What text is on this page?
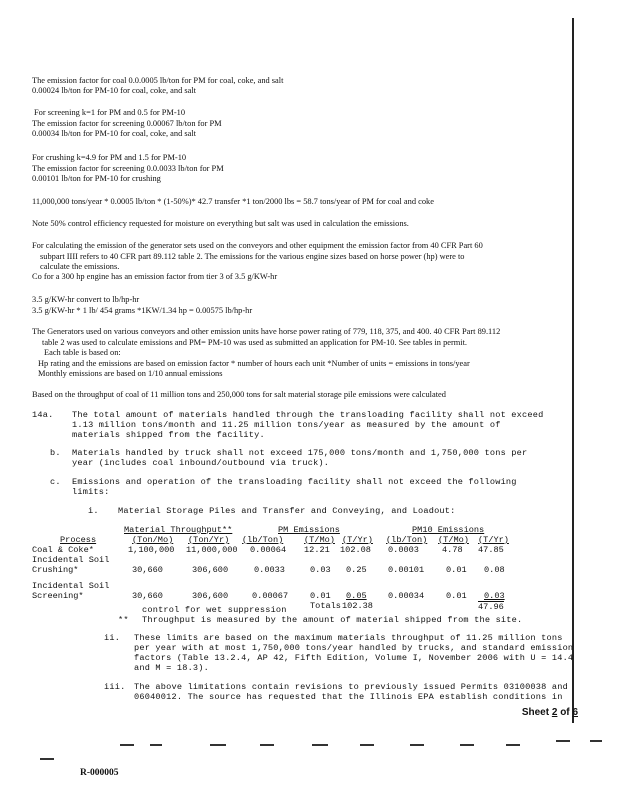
The emission factor for coal 0.0.0005 lb/ton for PM for coal, coke, and salt
0.00024 lb/ton for PM-10 for coal, coke, and salt
For screening k=1 for PM and 0.5 for PM-10
The emission factor for screening 0.00067 lb/ton for PM
0.00034 lb/ton for PM-10 for coal, coke, and salt
For crushing k=4.9 for PM and 1.5 for PM-10
The emission factor for screening 0.0.0033 lb/ton for PM
0.00101 lb/ton for PM-10 for crushing
11,000,000 tons/year * 0.0005 lb/ton * (1-50%)* 42.7 transfer *1 ton/2000 lbs = 58.7 tons/year of PM for coal and coke
Note 50% control efficiency requested for moisture on everything but salt was used in calculation the emissions.
For calculating the emission of the generator sets used on the conveyors and other equipment the emission factor from 40 CFR Part 60
subpart IIII refers to 40 CFR part 89.112 table 2. The emissions for the various engine sizes based on horse power (hp) were to
calculate the emissions.
Co for a 300 hp engine has an emission factor from tier 3 of 3.5 g/KW-hr
3.5 g/KW-hr convert to lb/hp-hr
3.5 g/KW-hr * 1 lb/ 454 grams *1KW/1.34 hp = 0.00575 lb/hp-hr
The Generators used on various conveyors and other emission units have horse power rating of 779, 118, 375, and 400. 40 CFR Part 89.112
table 2 was used to calculate emissions and PM= PM-10 was used as submitted an application for PM-10. See tables in permit.
Each table is based on:
Hp rating and the emissions are based on emission factor * number of hours each unit *Number of units = emissions in tons/year
Monthly emissions are based on 1/10 annual emissions
Based on the throughput of coal of 11 million tons and 250,000 tons for salt material storage pile emissions were calculated
14a. The total amount of materials handled through the transloading facility shall not exceed
1.13 million tons/month and 11.25 million tons/year as measured by the amount of
materials shipped from the facility.
b. Materials handled by truck shall not exceed 175,000 tons/month and 1,750,000 tons per
year (includes coal inbound/outbound via truck).
c. Emissions and operation of the transloading facility shall not exceed the following
limits:
i. Material Storage Piles and Transfer and Conveying, and Loadout:
Material Throughput**	PM Emissions	PM10 Emissions
Process	(Ton/Mo) (Ton/Yr) (lb/Ton) (T/Mo) (T/Yr) (lb/Ton) (T/Mo) (T/Yr)
Coal & Coke*	1,100,000 11,000,000 0.00064 12.21 102.08 0.0003	4.78 47.85
Incidental Soil
Crushing*	30,660	306,600	0.0033	0.03 0.25 0.00101	0.01 0.08
Incidental Soil
Screening*	30,660	306,600	0.00067	0.01 0.05 0.00034	0.01 0.03
Totals 102.38	47.96
control for wet suppression
** Throughput is measured by the amount of material shipped from the site.
ii. These limits are based on the maximum materials throughput of 11.25 million tons
per year with at most 1,750,000 tons/year handled by trucks, and standard emission
factors (Table 13.2.4, AP 42, Fifth Edition, Volume I, November 2006 with U = 14.4
and M = 18.3).
iii. The above limitations contain revisions to previously issued Permits 03100038 and
06040012. The source has requested that the Illinois EPA establish conditions in
Sheet 2 of 6
R-000005
